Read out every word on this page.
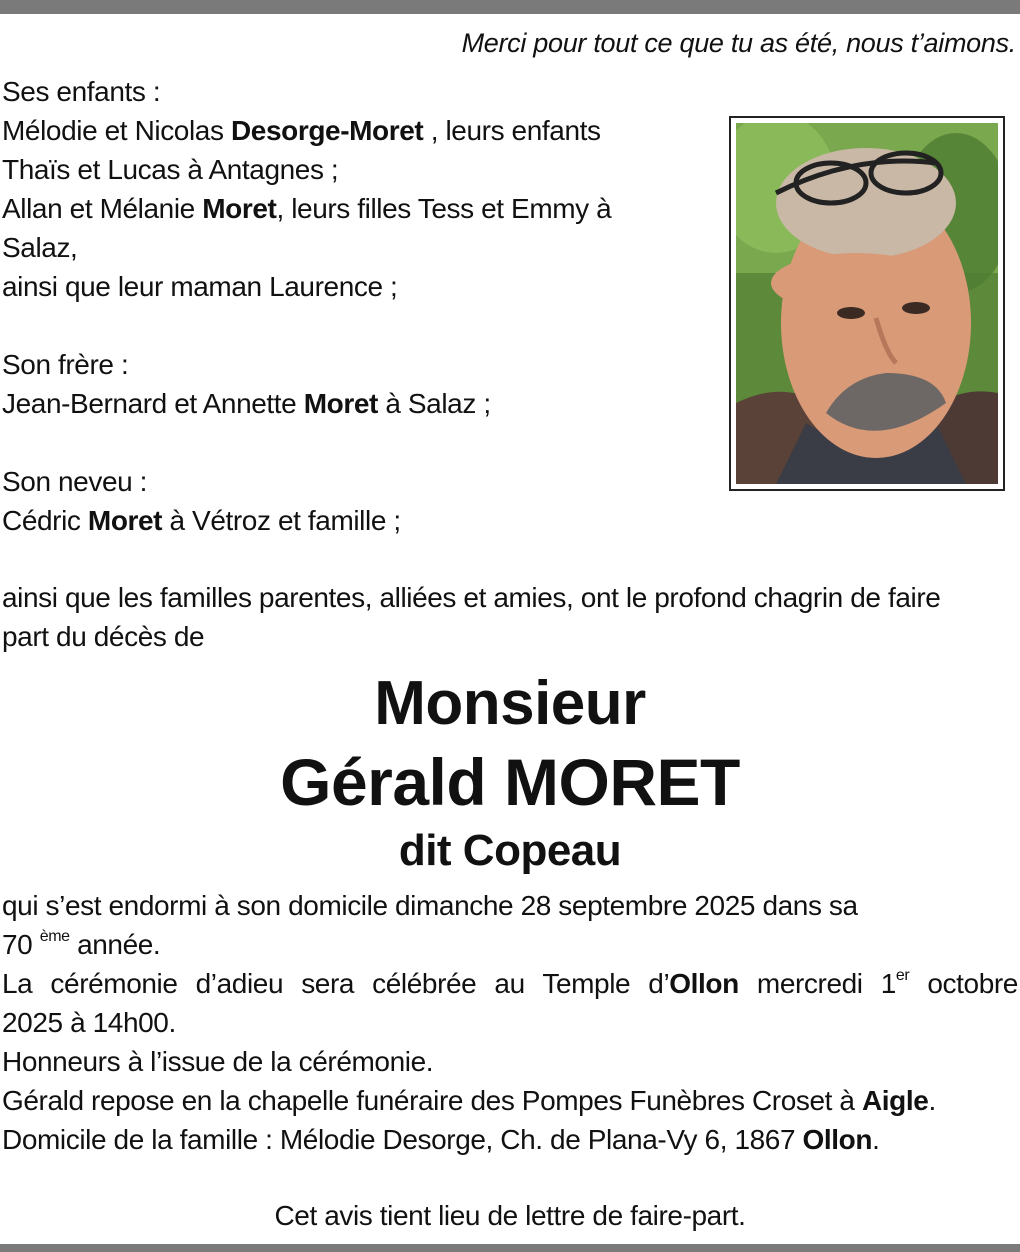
Merci pour tout ce que tu as été, nous t’aimons.
Ses enfants :
Mélodie et Nicolas Desorge-Moret , leurs enfants
Thaïs et Lucas à Antagnes ;
Allan et Mélanie Moret, leurs filles Tess et Emmy à
Salaz,
ainsi que leur maman Laurence ;
Son frère :
Jean-Bernard et Annette Moret à Salaz ;
Son neveu :
Cédric Moret à Vétroz et famille ;
ainsi que les familles parentes, alliées et amies, ont le profond chagrin de faire
part du décès de
Monsieur
Gérald MORET
dit Copeau
qui s’est endormi à son domicile dimanche 28 septembre 2025 dans sa
70 $^{ème}$ année.
La cérémonie d’adieu sera célébrée au Temple d’Ollon mercredi 1er octobre
2025 à 14h00.
Honneurs à l’issue de la cérémonie.
Gérald repose en la chapelle funéraire des Pompes Funèbres Croset à Aigle.
Domicile de la famille : Mélodie Desorge, Ch. de Plana-Vy 6, 1867 Ollon.
Cet avis tient lieu de lettre de faire-part.
